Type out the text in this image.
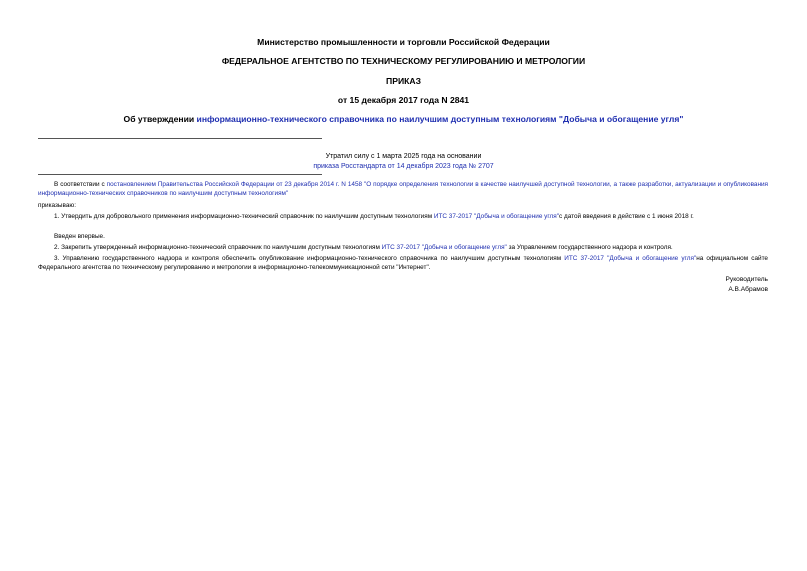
Министерство промышленности и торговли Российской Федерации
ФЕДЕРАЛЬНОЕ АГЕНТСТВО ПО ТЕХНИЧЕСКОМУ РЕГУЛИРОВАНИЮ И МЕТРОЛОГИИ
ПРИКАЗ
от 15 декабря 2017 года N 2841
Об утверждении информационно-технического справочника по наилучшим доступным технологиям "Добыча и обогащение угля"
Утратил силу с 1 марта 2025 года на основании
приказа Росстандарта от 14 декабря 2023 года № 2707
В соответствии с постановлением Правительства Российской Федерации от 23 декабря 2014 г. N 1458 "О порядке определения технологии в качестве наилучшей доступной технологии, а также разработки, актуализации и опубликования информационно-технических справочников по наилучшим доступным технологиям"
приказываю:
1. Утвердить для добровольного применения информационно-технический справочник по наилучшим доступным технологиям ИТС 37-2017 "Добыча и обогащение угля"с датой введения в действие с 1 июня 2018 г.
Введен впервые.
2. Закрепить утвержденный информационно-технический справочник по наилучшим доступным технологиям ИТС 37-2017 "Добыча и обогащение угля" за Управлением государственного надзора и контроля.
3. Управлению государственного надзора и контроля обеспечить опубликование информационно-технического справочника по наилучшим доступным технологиям ИТС 37-2017 "Добыча и обогащение угля"на официальном сайте Федерального агентства по техническому регулированию и метрологии в информационно-телекоммуникационной сети "Интернет".
Руководитель
А.В.Абрамов
